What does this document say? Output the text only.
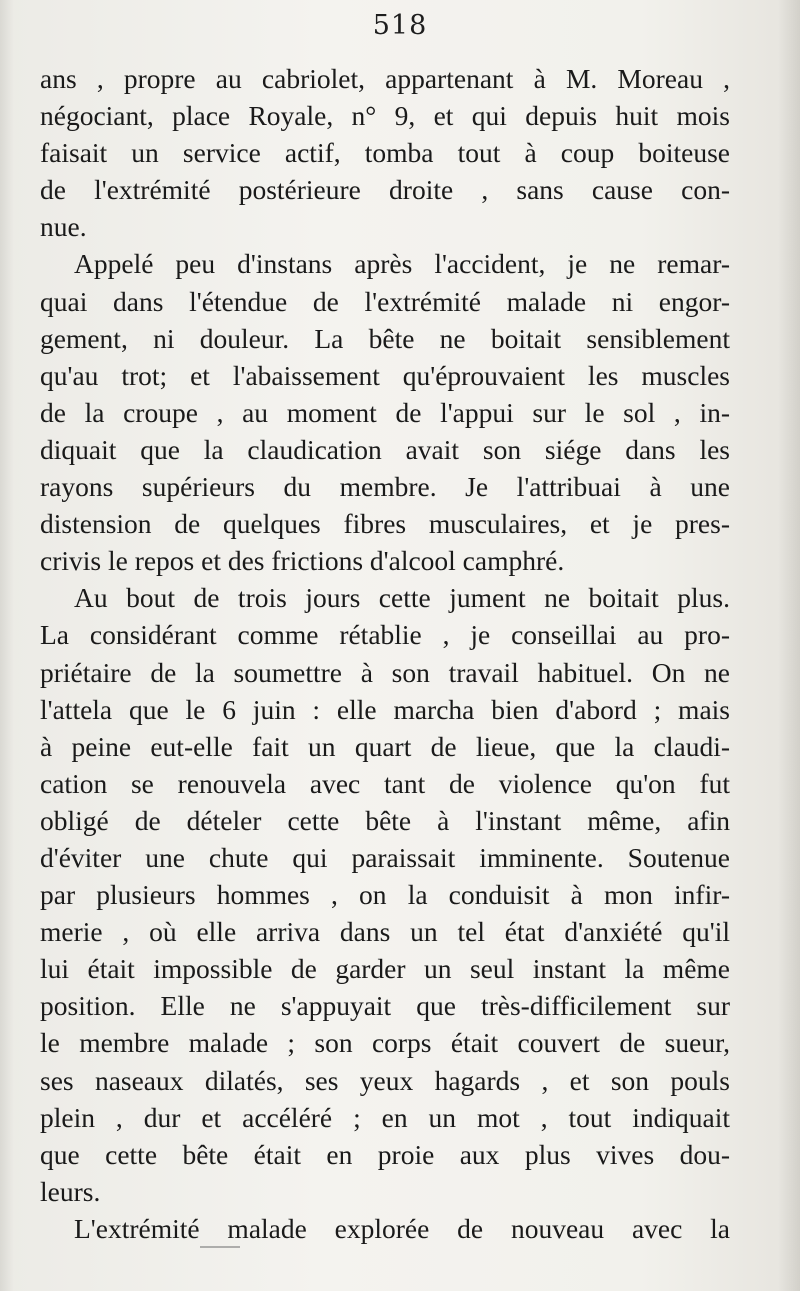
518
ans , propre au cabriolet, appartenant à M. Moreau ,
négociant, place Royale, n° 9, et qui depuis huit mois
faisait un service actif, tomba tout à coup boiteuse
de l'extrémité postérieure droite , sans cause con-
nue.
Appelé peu d'instans après l'accident, je ne remar-
quai dans l'étendue de l'extrémité malade ni engor-
gement, ni douleur. La bête ne boitait sensiblement
qu'au trot; et l'abaissement qu'éprouvaient les muscles
de la croupe , au moment de l'appui sur le sol , in-
diquait que la claudication avait son siége dans les
rayons supérieurs du membre. Je l'attribuai à une
distension de quelques fibres musculaires, et je pres-
crivis le repos et des frictions d'alcool camphré.
Au bout de trois jours cette jument ne boitait plus.
La considérant comme rétablie , je conseillai au pro-
priétaire de la soumettre à son travail habituel. On ne
l'attela que le 6 juin : elle marcha bien d'abord ; mais
à peine eut-elle fait un quart de lieue, que la claudi-
cation se renouvela avec tant de violence qu'on fut
obligé de dételer cette bête à l'instant même, afin
d'éviter une chute qui paraissait imminente. Soutenue
par plusieurs hommes , on la conduisit à mon infir-
merie , où elle arriva dans un tel état d'anxiété qu'il
lui était impossible de garder un seul instant la même
position. Elle ne s'appuyait que très-difficilement sur
le membre malade ; son corps était couvert de sueur,
ses naseaux dilatés, ses yeux hagards , et son pouls
plein , dur et accéléré ; en un mot , tout indiquait
que cette bête était en proie aux plus vives dou-
leurs.
L'extrémité malade explorée de nouveau avec la
